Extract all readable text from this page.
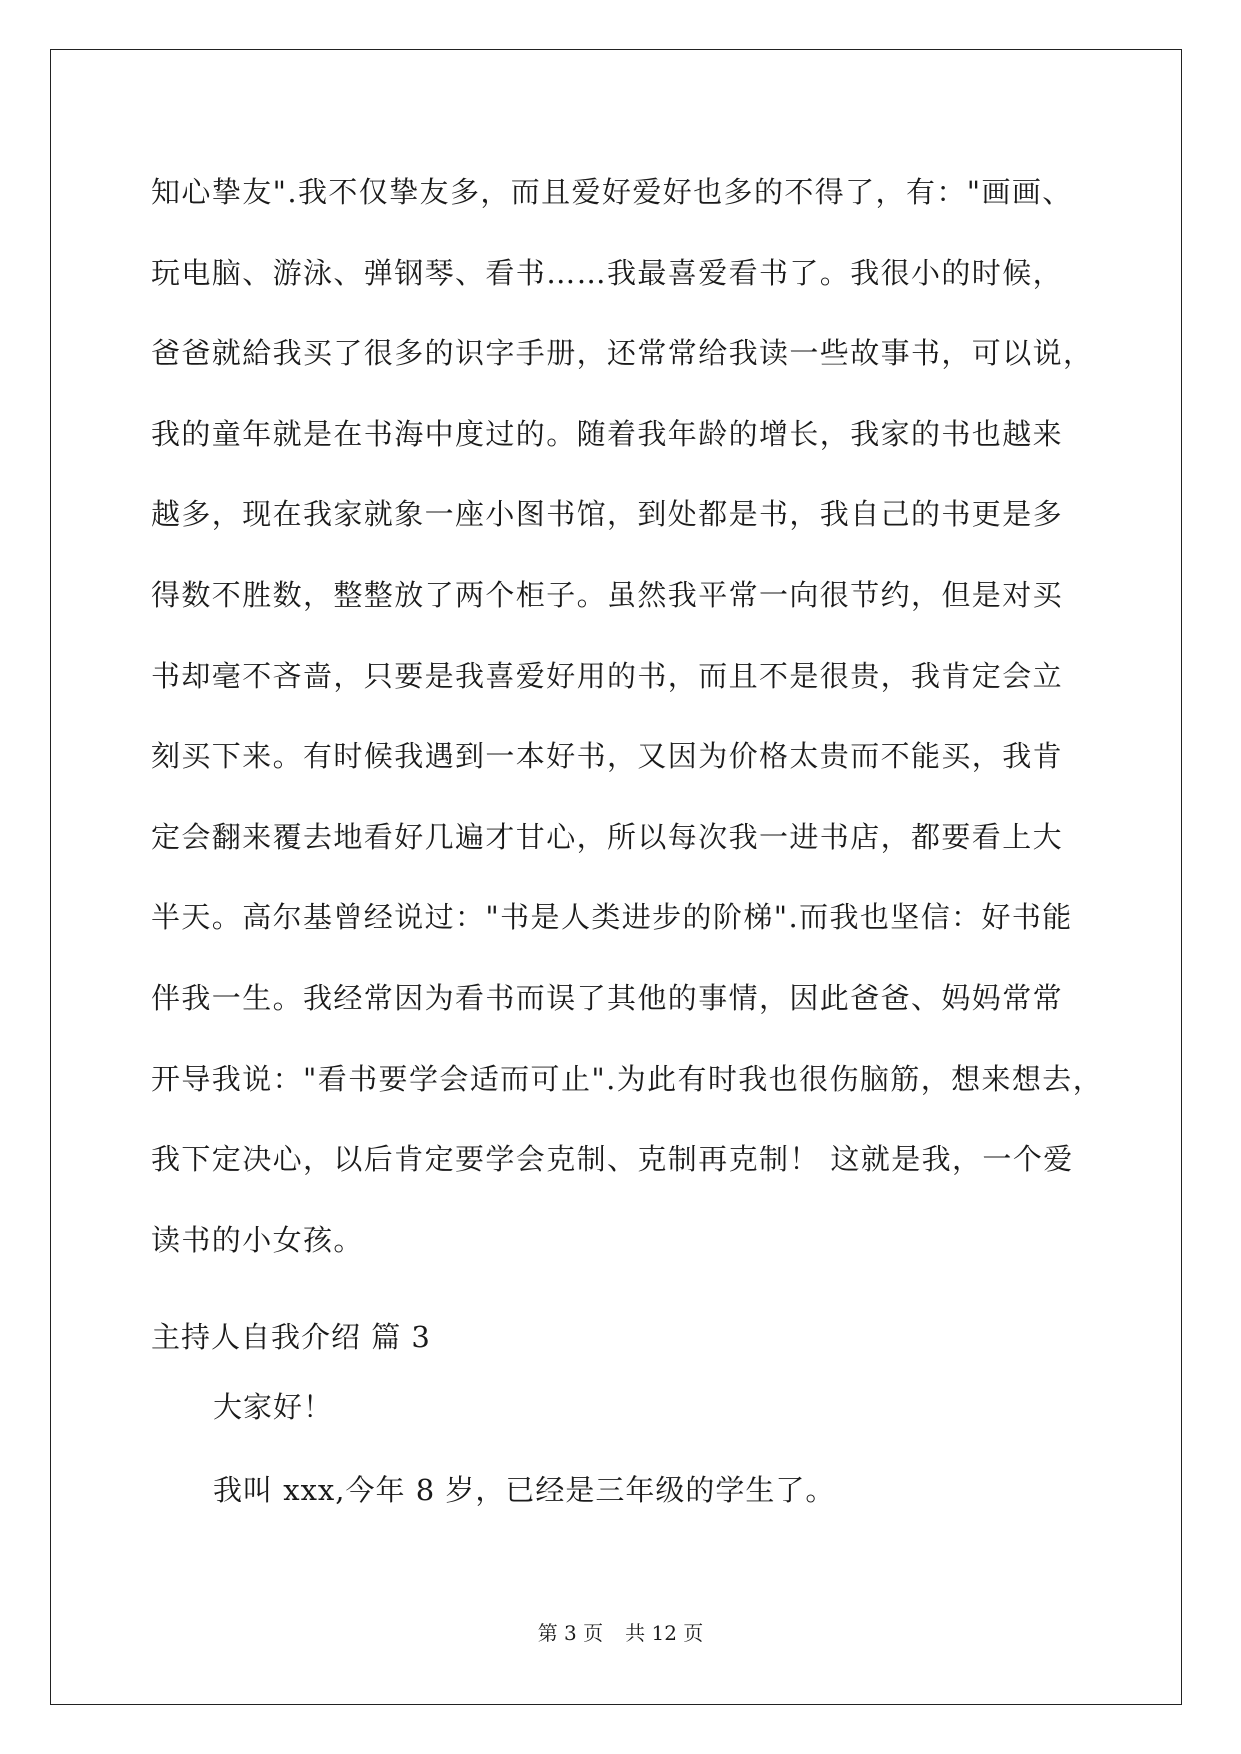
知心挚友".我不仅挚友多，而且爱好爱好也多的不得了，有："画画、
玩电脑、游泳、弹钢琴、看书……我最喜爱看书了。我很小的时候，
爸爸就給我买了很多的识字手册，还常常给我读一些故事书，可以说，
我的童年就是在书海中度过的。随着我年龄的增长，我家的书也越来
越多，现在我家就象一座小图书馆，到处都是书，我自己的书更是多
得数不胜数，整整放了两个柜子。虽然我平常一向很节约，但是对买
书却毫不吝啬，只要是我喜爱好用的书，而且不是很贵，我肯定会立
刻买下来。有时候我遇到一本好书，又因为价格太贵而不能买，我肯
定会翻来覆去地看好几遍才甘心，所以每次我一进书店，都要看上大
半天。高尔基曾经说过："书是人类进步的阶梯".而我也坚信：好书能
伴我一生。我经常因为看书而误了其他的事情，因此爸爸、妈妈常常
开导我说："看书要学会适而可止".为此有时我也很伤脑筋，想来想去，
我下定决心，以后肯定要学会克制、克制再克制！ 这就是我，一个爱
读书的小女孩。
主持人自我介绍 篇 3
大家好！
我叫 xxx,今年 8 岁，已经是三年级的学生了。
第 3 页 共 12 页
